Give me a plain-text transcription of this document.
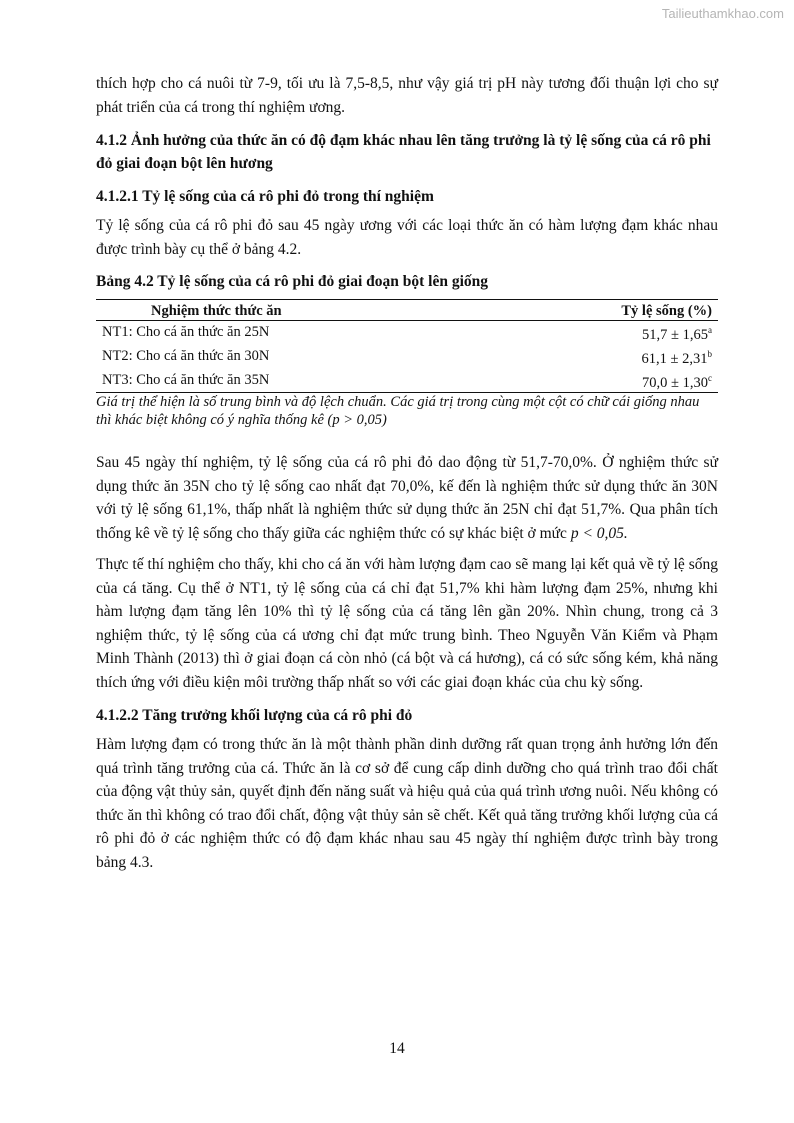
Tailieuthamkhao.com

thích hợp cho cá nuôi từ 7-9, tối ưu là 7,5-8,5, như vậy giá trị pH này tương đối thuận lợi cho sự phát triển của cá trong thí nghiệm ương.

4.1.2 Ảnh hưởng của thức ăn có độ đạm khác nhau lên tăng trưởng là tỷ lệ sống của cá rô phi đỏ giai đoạn bột lên hương
4.1.2.1 Tỷ lệ sống của cá rô phi đỏ trong thí nghiệm

Tỷ lệ sống của cá rô phi đỏ sau 45 ngày ương với các loại thức ăn có hàm lượng đạm khác nhau được trình bày cụ thể ở bảng 4.2.

Bảng 4.2 Tỷ lệ sống của cá rô phi đỏ giai đoạn bột lên giống
Nghiệm thức thức ăn	Tỷ lệ sống (%)
NT1: Cho cá ăn thức ăn 25N	51,7 ± 1,65$^a$
NT2: Cho cá ăn thức ăn 30N	61,1 ± 2,31$^b$
NT3: Cho cá ăn thức ăn 35N	70,0 ± 1,30$^c$
Giá trị thể hiện là số trung bình và độ lệch chuẩn. Các giá trị trong cùng một cột có chữ cái giống nhau thì khác biệt không có ý nghĩa thống kê (p > 0,05)

Sau 45 ngày thí nghiệm, tỷ lệ sống của cá rô phi đỏ dao động từ 51,7-70,0%. Ở nghiệm thức sử dụng thức ăn 35N cho tỷ lệ sống cao nhất đạt 70,0%, kế đến là nghiệm thức sử dụng thức ăn 30N với tỷ lệ sống 61,1%, thấp nhất là nghiệm thức sử dụng thức ăn 25N chỉ đạt 51,7%. Qua phân tích thống kê về tỷ lệ sống cho thấy giữa các nghiệm thức có sự khác biệt ở mức p < 0,05.

Thực tế thí nghiệm cho thấy, khi cho cá ăn với hàm lượng đạm cao sẽ mang lại kết quả về tỷ lệ sống của cá tăng. Cụ thể ở NT1, tỷ lệ sống của cá chỉ đạt 51,7% khi hàm lượng đạm 25%, nhưng khi hàm lượng đạm tăng lên 10% thì tỷ lệ sống của cá tăng lên gần 20%. Nhìn chung, trong cả 3 nghiệm thức, tỷ lệ sống của cá ương chỉ đạt mức trung bình. Theo Nguyễn Văn Kiểm và Phạm Minh Thành (2013) thì ở giai đoạn cá còn nhỏ (cá bột và cá hương), cá có sức sống kém, khả năng thích ứng với điều kiện môi trường thấp nhất so với các giai đoạn khác của chu kỳ sống.

4.1.2.2 Tăng trưởng khối lượng của cá rô phi đỏ

Hàm lượng đạm có trong thức ăn là một thành phần dinh dưỡng rất quan trọng ảnh hưởng lớn đến quá trình tăng trưởng của cá. Thức ăn là cơ sở để cung cấp dinh dưỡng cho quá trình trao đổi chất của động vật thủy sản, quyết định đến năng suất và hiệu quả của quá trình ương nuôi. Nếu không có thức ăn thì không có trao đổi chất, động vật thủy sản sẽ chết. Kết quả tăng trưởng khối lượng của cá rô phi đỏ ở các nghiệm thức có độ đạm khác nhau sau 45 ngày thí nghiệm được trình bày trong bảng 4.3.

14
